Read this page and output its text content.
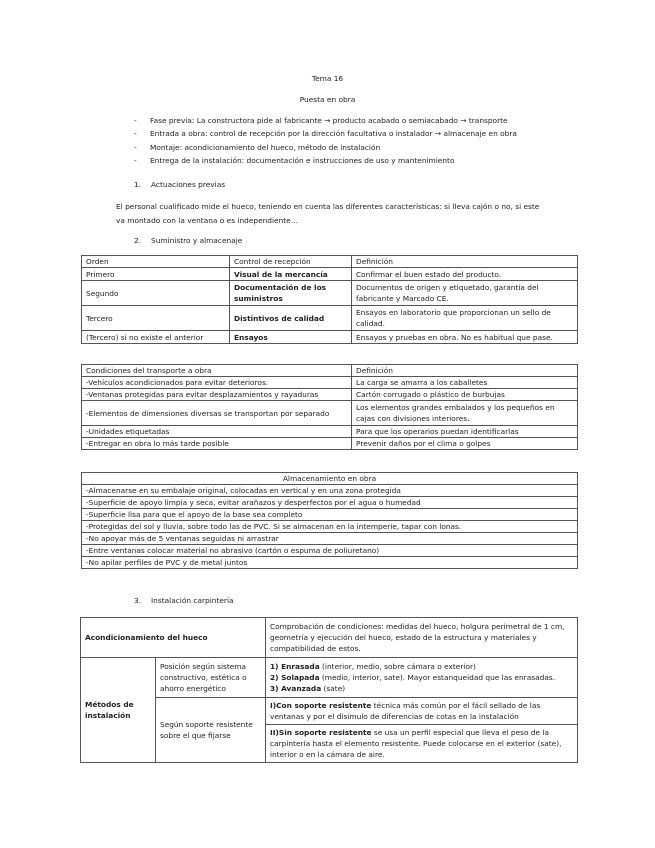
Tema 16
Puesta en obra
- Fase previa: La constructora pide al fabricante → producto acabado o semiacabado → transporte
- Entrada a obra: control de recepción por la dirección facultativa o instalador → almacenaje en obra
- Montaje: acondicionamiento del hueco, método de instalación
- Entrega de la instalación: documentación e instrucciones de uso y mantenimiento
1. Actuaciones previas
El personal cualificado mide el hueco, teniendo en cuenta las diferentes características: si lleva cajón o no, si este va montado con la ventana o es independiente…
2. Suministro y almacenaje
Orden	Control de recepción	Definición
Primero	Visual de la mercancía	Confirmar el buen estado del producto.
Segundo	Documentación de los suministros	Documentos de origen y etiquetado, garantía del fabricante y Marcado CE.
Tercero	Distintivos de calidad	Ensayos en laboratorio que proporcionan un sello de calidad.
(Tercero) si no existe el anterior	Ensayos	Ensayos y pruebas en obra. No es habitual que pase.
Condiciones del transporte a obra	Definición
-Vehículos acondicionados para evitar deterioros.	La carga se amarra a los caballetes
-Ventanas protegidas para evitar desplazamientos y rayaduras	Cartón corrugado o plástico de burbujas
-Elementos de dimensiones diversas se transportan por separado	Los elementos grandes embalados y los pequeños en cajas con divisiones interiores.
-Unidades etiquetadas	Para que los operarios puedan identificarlas
-Entregar en obra lo más tarde posible	Prevenir daños por el clima o golpes
Almacenamiento en obra
-Almacenarse en su embalaje original, colocadas en vertical y en una zona protegida
-Superficie de apoyo limpia y seca, evitar arañazos y desperfectos por el agua o humedad
-Superficie lisa para que el apoyo de la base sea completo
-Protegidas del sol y lluvia, sobre todo las de PVC. Si se almacenan en la intemperie, tapar con lonas.
-No apoyar más de 5 ventanas seguidas ni arrastrar
-Entre ventanas colocar material no abrasivo (cartón o espuma de poliuretano)
-No apilar perfiles de PVC y de metal juntos
3. Instalación carpintería
Acondicionamiento del hueco		Comprobación de condiciones: medidas del hueco, holgura perimetral de 1 cm, geometría y ejecución del hueco, estado de la estructura y materiales y compatibilidad de estos.
Métodos de instalación	Posición según sistema constructivo, estética o ahorro energético	1) Enrasada (interior, medio, sobre cámara o exterior)
2) Solapada (medio, interior, sate). Mayor estanqueidad que las enrasadas.
3) Avanzada (sate)

	Según soporte resistente sobre el que fijarse	I)Con soporte resistente técnica más común por el fácil sellado de las ventanas y por el disimulo de diferencias de cotas en la instalación
II)Sin soporte resistente se usa un perfil especial que lleva el peso de la carpintería hasta el elemento resistente. Puede colocarse en el exterior (sate), interior o en la cámara de aire.
